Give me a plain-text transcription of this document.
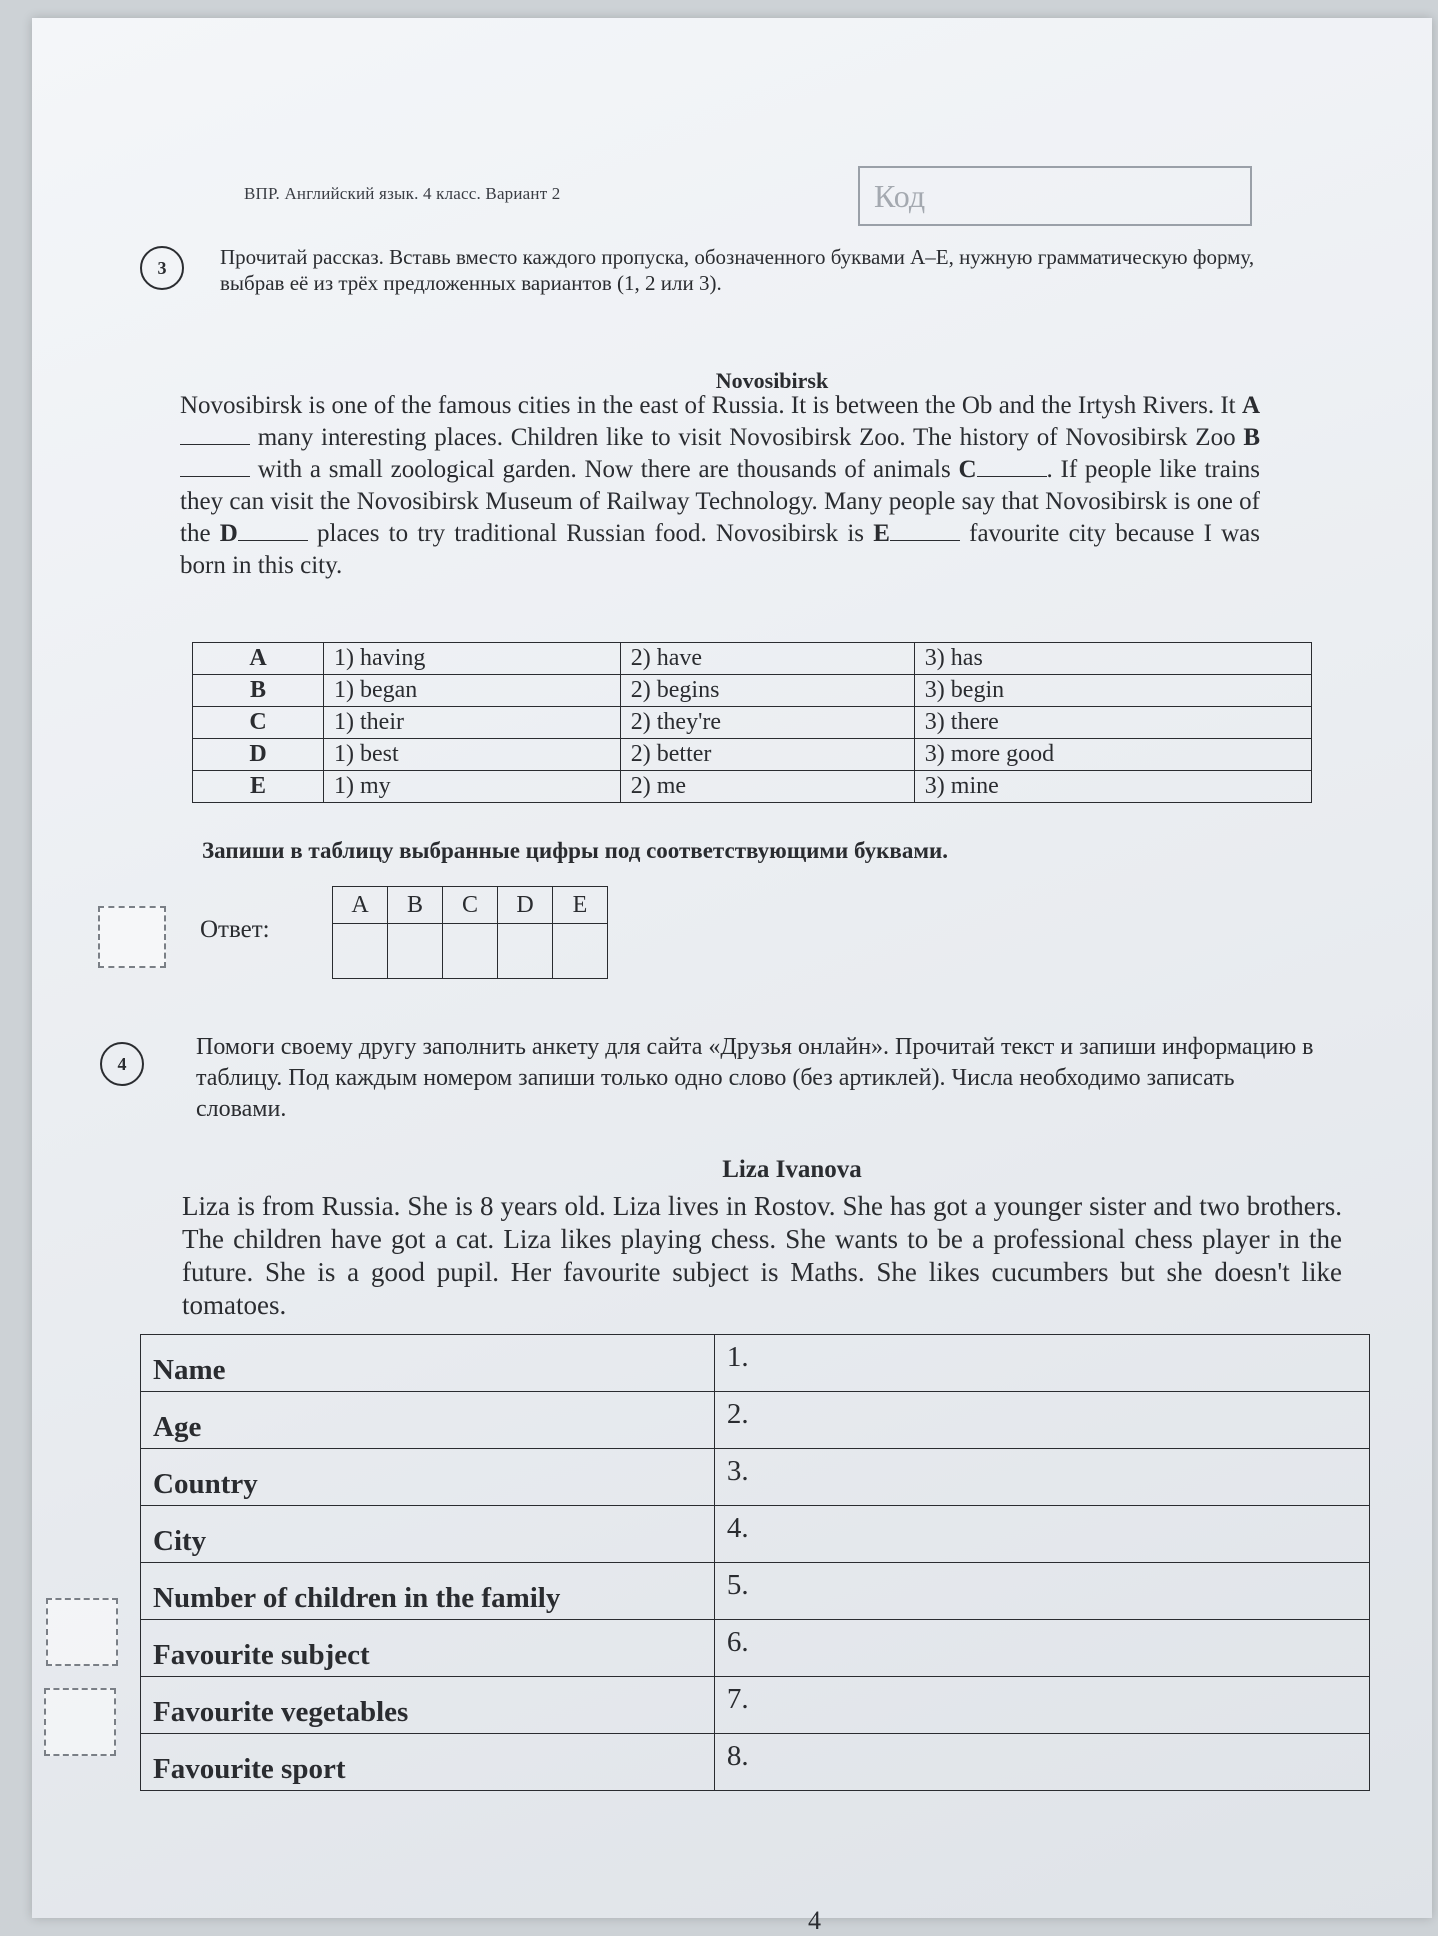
ВПР. Английский язык. 4 класс. Вариант 2	Код
3	Прочитай рассказ. Вставь вместо каждого пропуска, обозначенного буквами A–E, нужную грамматическую форму, выбрав её из трёх предложенных вариантов (1, 2 или 3).
Novosibirsk
Novosibirsk is one of the famous cities in the east of Russia. It is between the Ob and the Irtysh Rivers. It A many interesting places. Children like to visit Novosibirsk Zoo. The history of Novosibirsk Zoo B with a small zoological garden. Now there are thousands of animals C	. If people like trains they can visit the Novosibirsk Museum of Railway Technology. Many people say that Novosibirsk is one of the D	places to try traditional Russian food. Novosibirsk is E	favourite city because I was born in this city.
A	1) having	2) have	3) has
B	1) began	2) begins	3) begin
C	1) their	2) they're	3) there
D	1) best	2) better	3) more good
E	1) my	2) me	3) mine
Запиши в таблицу выбранные цифры под соответствующими буквами.
Ответ:
A	B	C	D	E

4
Помоги своему другу заполнить анкету для сайта «Друзья онлайн». Прочитай текст и запиши информацию в таблицу. Под каждым номером запиши только одно слово (без артиклей). Числа необходимо записать словами.
Liza Ivanova
Liza is from Russia. She is 8 years old. Liza lives in Rostov. She has got a younger sister and two brothers. The children have got a cat. Liza likes playing chess. She wants to be a professional chess player in the future. She is a good pupil. Her favourite subject is Maths. She likes cucumbers but she doesn't like tomatoes.
Name	1.
Age	2.
Country	3.
City	4.
Number of children in the family	5.
Favourite subject	6.
Favourite vegetables	7.
Favourite sport	8.
4
